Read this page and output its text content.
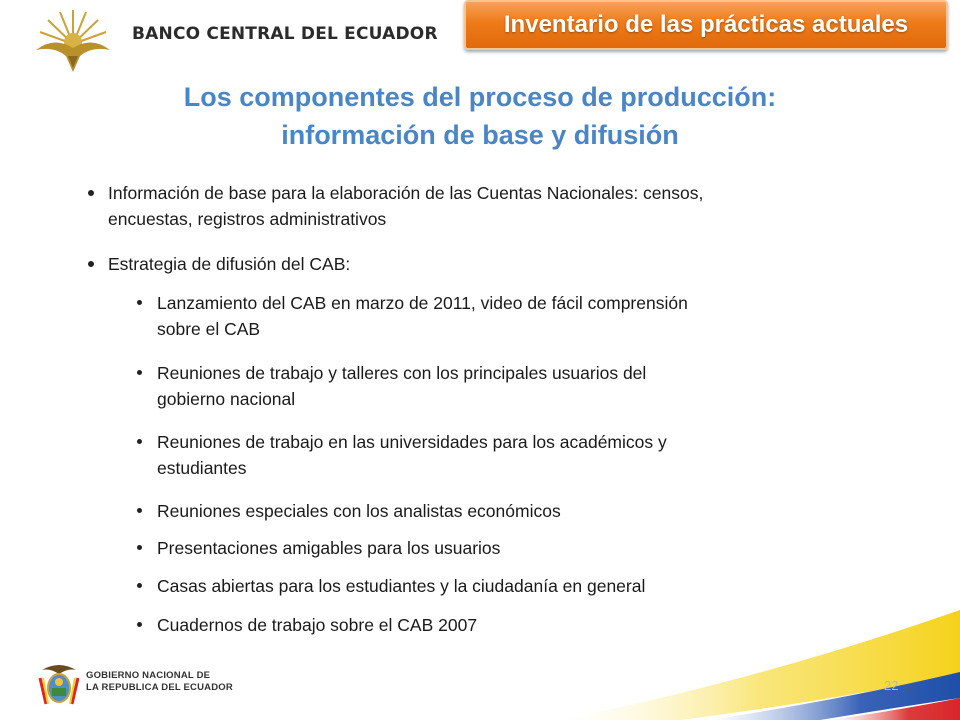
BANCO CENTRAL DEL ECUADOR	Inventario de las prácticas actuales
Los componentes del proceso de producción:
información de base y difusión
Información de base para la elaboración de las Cuentas Nacionales: censos,
encuestas, registros administrativos
Estrategia de difusión del CAB:
Lanzamiento del CAB en marzo de 2011, video de fácil comprensión
sobre el CAB
Reuniones de trabajo y talleres con los principales usuarios del
gobierno nacional
Reuniones de trabajo en las universidades para los académicos y
estudiantes
Reuniones especiales con los analistas económicos
Presentaciones amigables para los usuarios
Casas abiertas para los estudiantes y la ciudadanía en general
Cuadernos de trabajo sobre el CAB 2007
GOBIERNO NACIONAL DE
LA REPUBLICA DEL ECUADOR	22
